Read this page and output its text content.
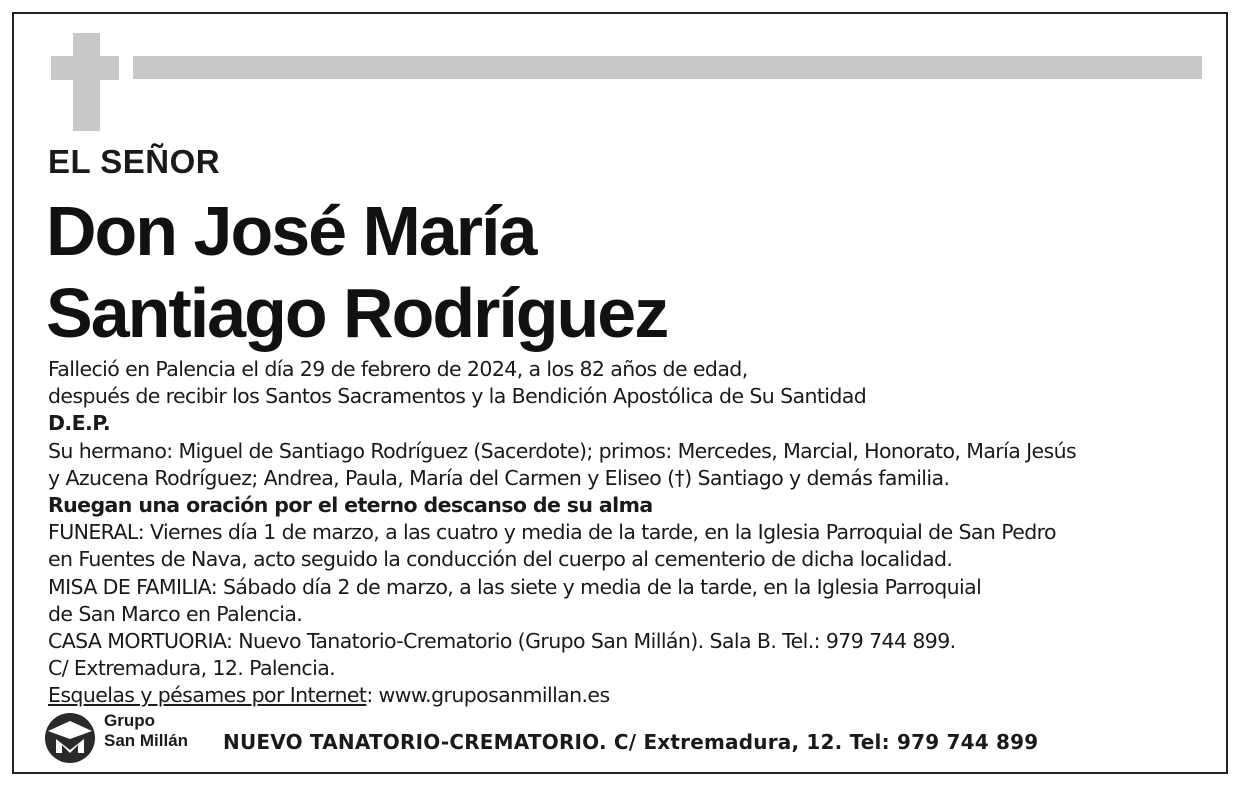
EL SEÑOR
Don José María
Santiago Rodríguez
Falleció en Palencia el día 29 de febrero de 2024, a los 82 años de edad,
después de recibir los Santos Sacramentos y la Bendición Apostólica de Su Santidad
D.E.P.
Su hermano: Miguel de Santiago Rodríguez (Sacerdote); primos: Mercedes, Marcial, Honorato, María Jesús
y Azucena Rodríguez; Andrea, Paula, María del Carmen y Eliseo (†) Santiago y demás familia.
Ruegan una oración por el eterno descanso de su alma
FUNERAL: Viernes día 1 de marzo, a las cuatro y media de la tarde, en la Iglesia Parroquial de San Pedro
en Fuentes de Nava, acto seguido la conducción del cuerpo al cementerio de dicha localidad.
MISA DE FAMILIA: Sábado día 2 de marzo, a las siete y media de la tarde, en la Iglesia Parroquial
de San Marco en Palencia.
CASA MORTUORIA: Nuevo Tanatorio-Crematorio (Grupo San Millán). Sala B. Tel.: 979 744 899.
C/ Extremadura, 12. Palencia.
Esquelas y pésames por Internet: www.gruposanmillan.es
Grupo
San Millán NUEVO TANATORIO-CREMATORIO. C/ Extremadura, 12. Tel: 979 744 899
